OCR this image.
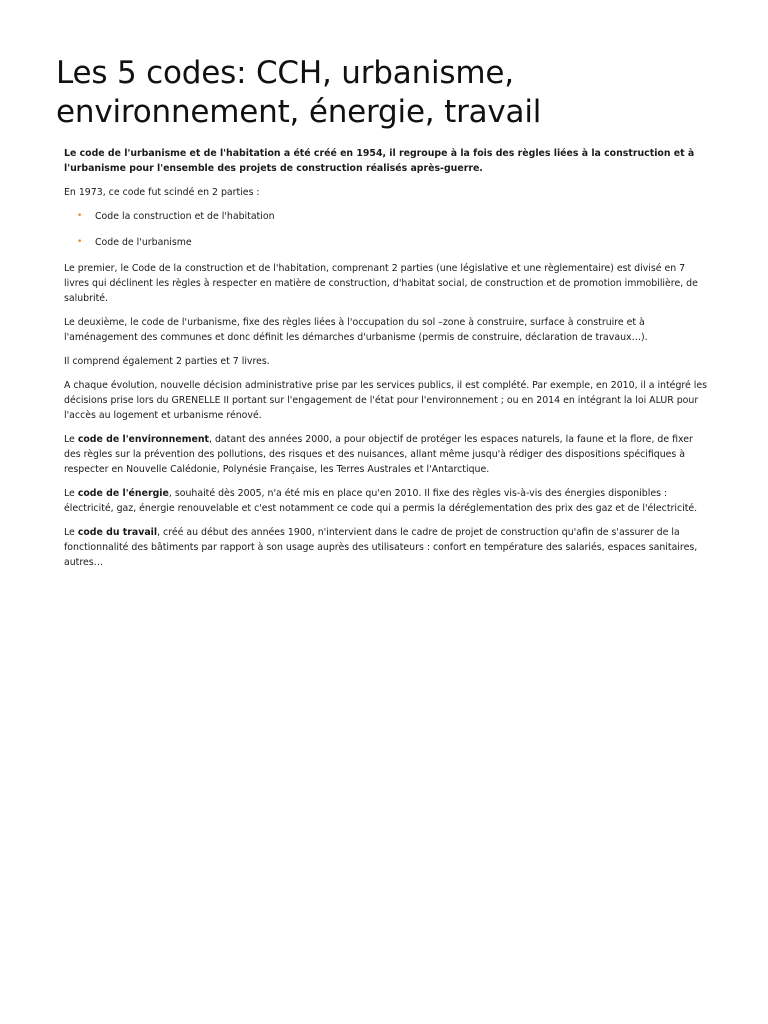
Les 5 codes: CCH, urbanisme, environnement, énergie, travail

Le code de l'urbanisme et de l'habitation a été créé en 1954, il regroupe à la fois des règles liées à la construction et à l'urbanisme pour l'ensemble des projets de construction réalisés après-guerre.

En 1973, ce code fut scindé en 2 parties :

• Code la construction et de l'habitation
• Code de l'urbanisme

Le premier, le Code de la construction et de l'habitation, comprenant 2 parties (une législative et une règlementaire) est divisé en 7 livres qui déclinent les règles à respecter en matière de construction, d'habitat social, de construction et de promotion immobilière, de salubrité.

Le deuxième, le code de l'urbanisme, fixe des règles liées à l'occupation du sol –zone à construire, surface à construire et à l'aménagement des communes et donc définit les démarches d'urbanisme (permis de construire, déclaration de travaux…).

Il comprend également 2 parties et 7 livres.

A chaque évolution, nouvelle décision administrative prise par les services publics, il est complété. Par exemple, en 2010, il a intégré les décisions prise lors du GRENELLE II portant sur l'engagement de l'état pour l'environnement ; ou en 2014 en intégrant la loi ALUR pour l'accès au logement et urbanisme rénové.

Le code de l'environnement, datant des années 2000, a pour objectif de protéger les espaces naturels, la faune et la flore, de fixer des règles sur la prévention des pollutions, des risques et des nuisances, allant même jusqu'à rédiger des dispositions spécifiques à respecter en Nouvelle Calédonie, Polynésie Française, les Terres Australes et l'Antarctique.

Le code de l'énergie, souhaité dès 2005, n'a été mis en place qu'en 2010. Il fixe des règles vis-à-vis des énergies disponibles : électricité, gaz, énergie renouvelable et c'est notamment ce code qui a permis la déréglementation des prix des gaz et de l'électricité.

Le code du travail, créé au début des années 1900, n'intervient dans le cadre de projet de construction qu'afin de s'assurer de la fonctionnalité des bâtiments par rapport à son usage auprès des utilisateurs : confort en température des salariés, espaces sanitaires, autres…
